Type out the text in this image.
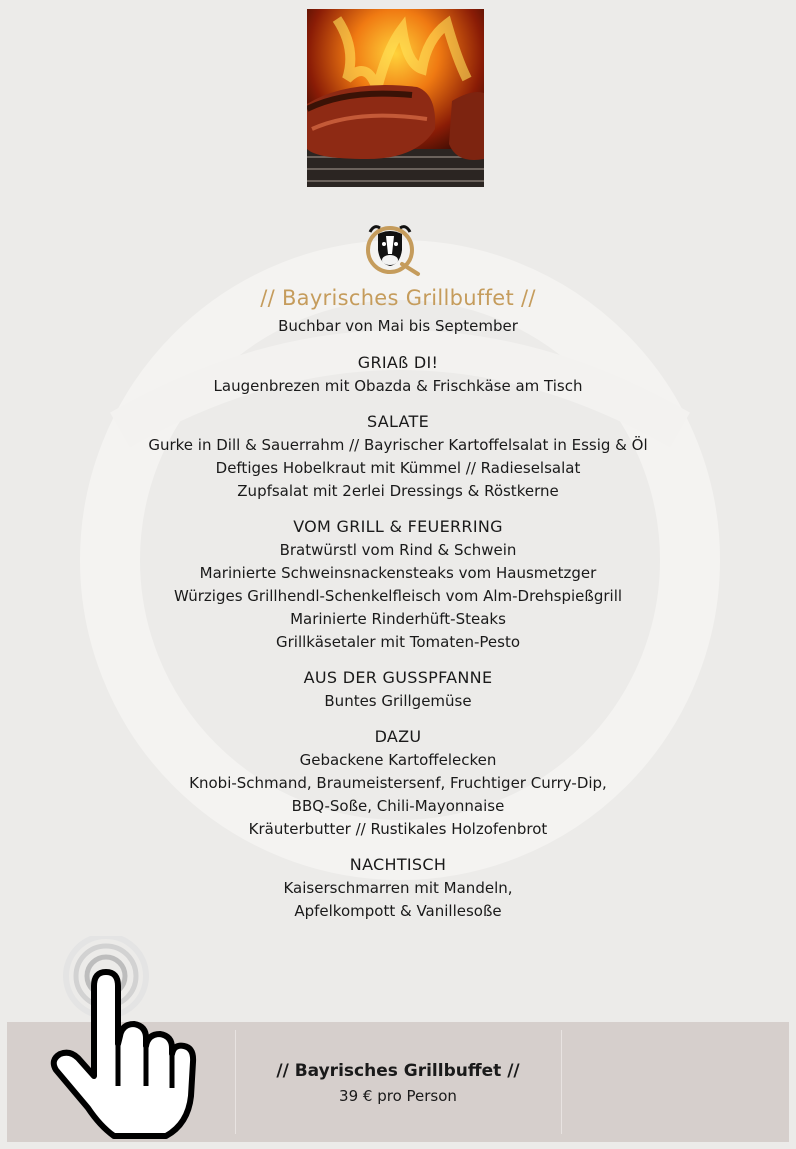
// Bayrisches Grillbuffet //
Buchbar von Mai bis September
GRIAß DI!
Laugenbrezen mit Obazda & Frischkäse am Tisch
SALATE
Gurke in Dill & Sauerrahm // Bayrischer Kartoffelsalat in Essig & Öl
Deftiges Hobelkraut mit Kümmel // Radieselsalat
Zupfsalat mit 2erlei Dressings & Röstkerne
VOM GRILL & FEUERRING
Bratwürstl vom Rind & Schwein
Marinierte Schweinsnackensteaks vom Hausmetzger
Würziges Grillhendl-Schenkelfleisch vom Alm-Drehspießgrill
Marinierte Rinderhüft-Steaks
Grillkäsetaler mit Tomaten-Pesto
AUS DER GUSSPFANNE
Buntes Grillgemüse
DAZU
Gebackene Kartoffelecken
Knobi-Schmand, Braumeistersenf, Fruchtiger Curry-Dip,
BBQ-Soße, Chili-Mayonnaise
Kräuterbutter // Rustikales Holzofenbrot
NACHTISCH
Kaiserschmarren mit Mandeln,
Apfelkompott & Vanillesoße
// Bayrisches Grillbuffet //
39 € pro Person
